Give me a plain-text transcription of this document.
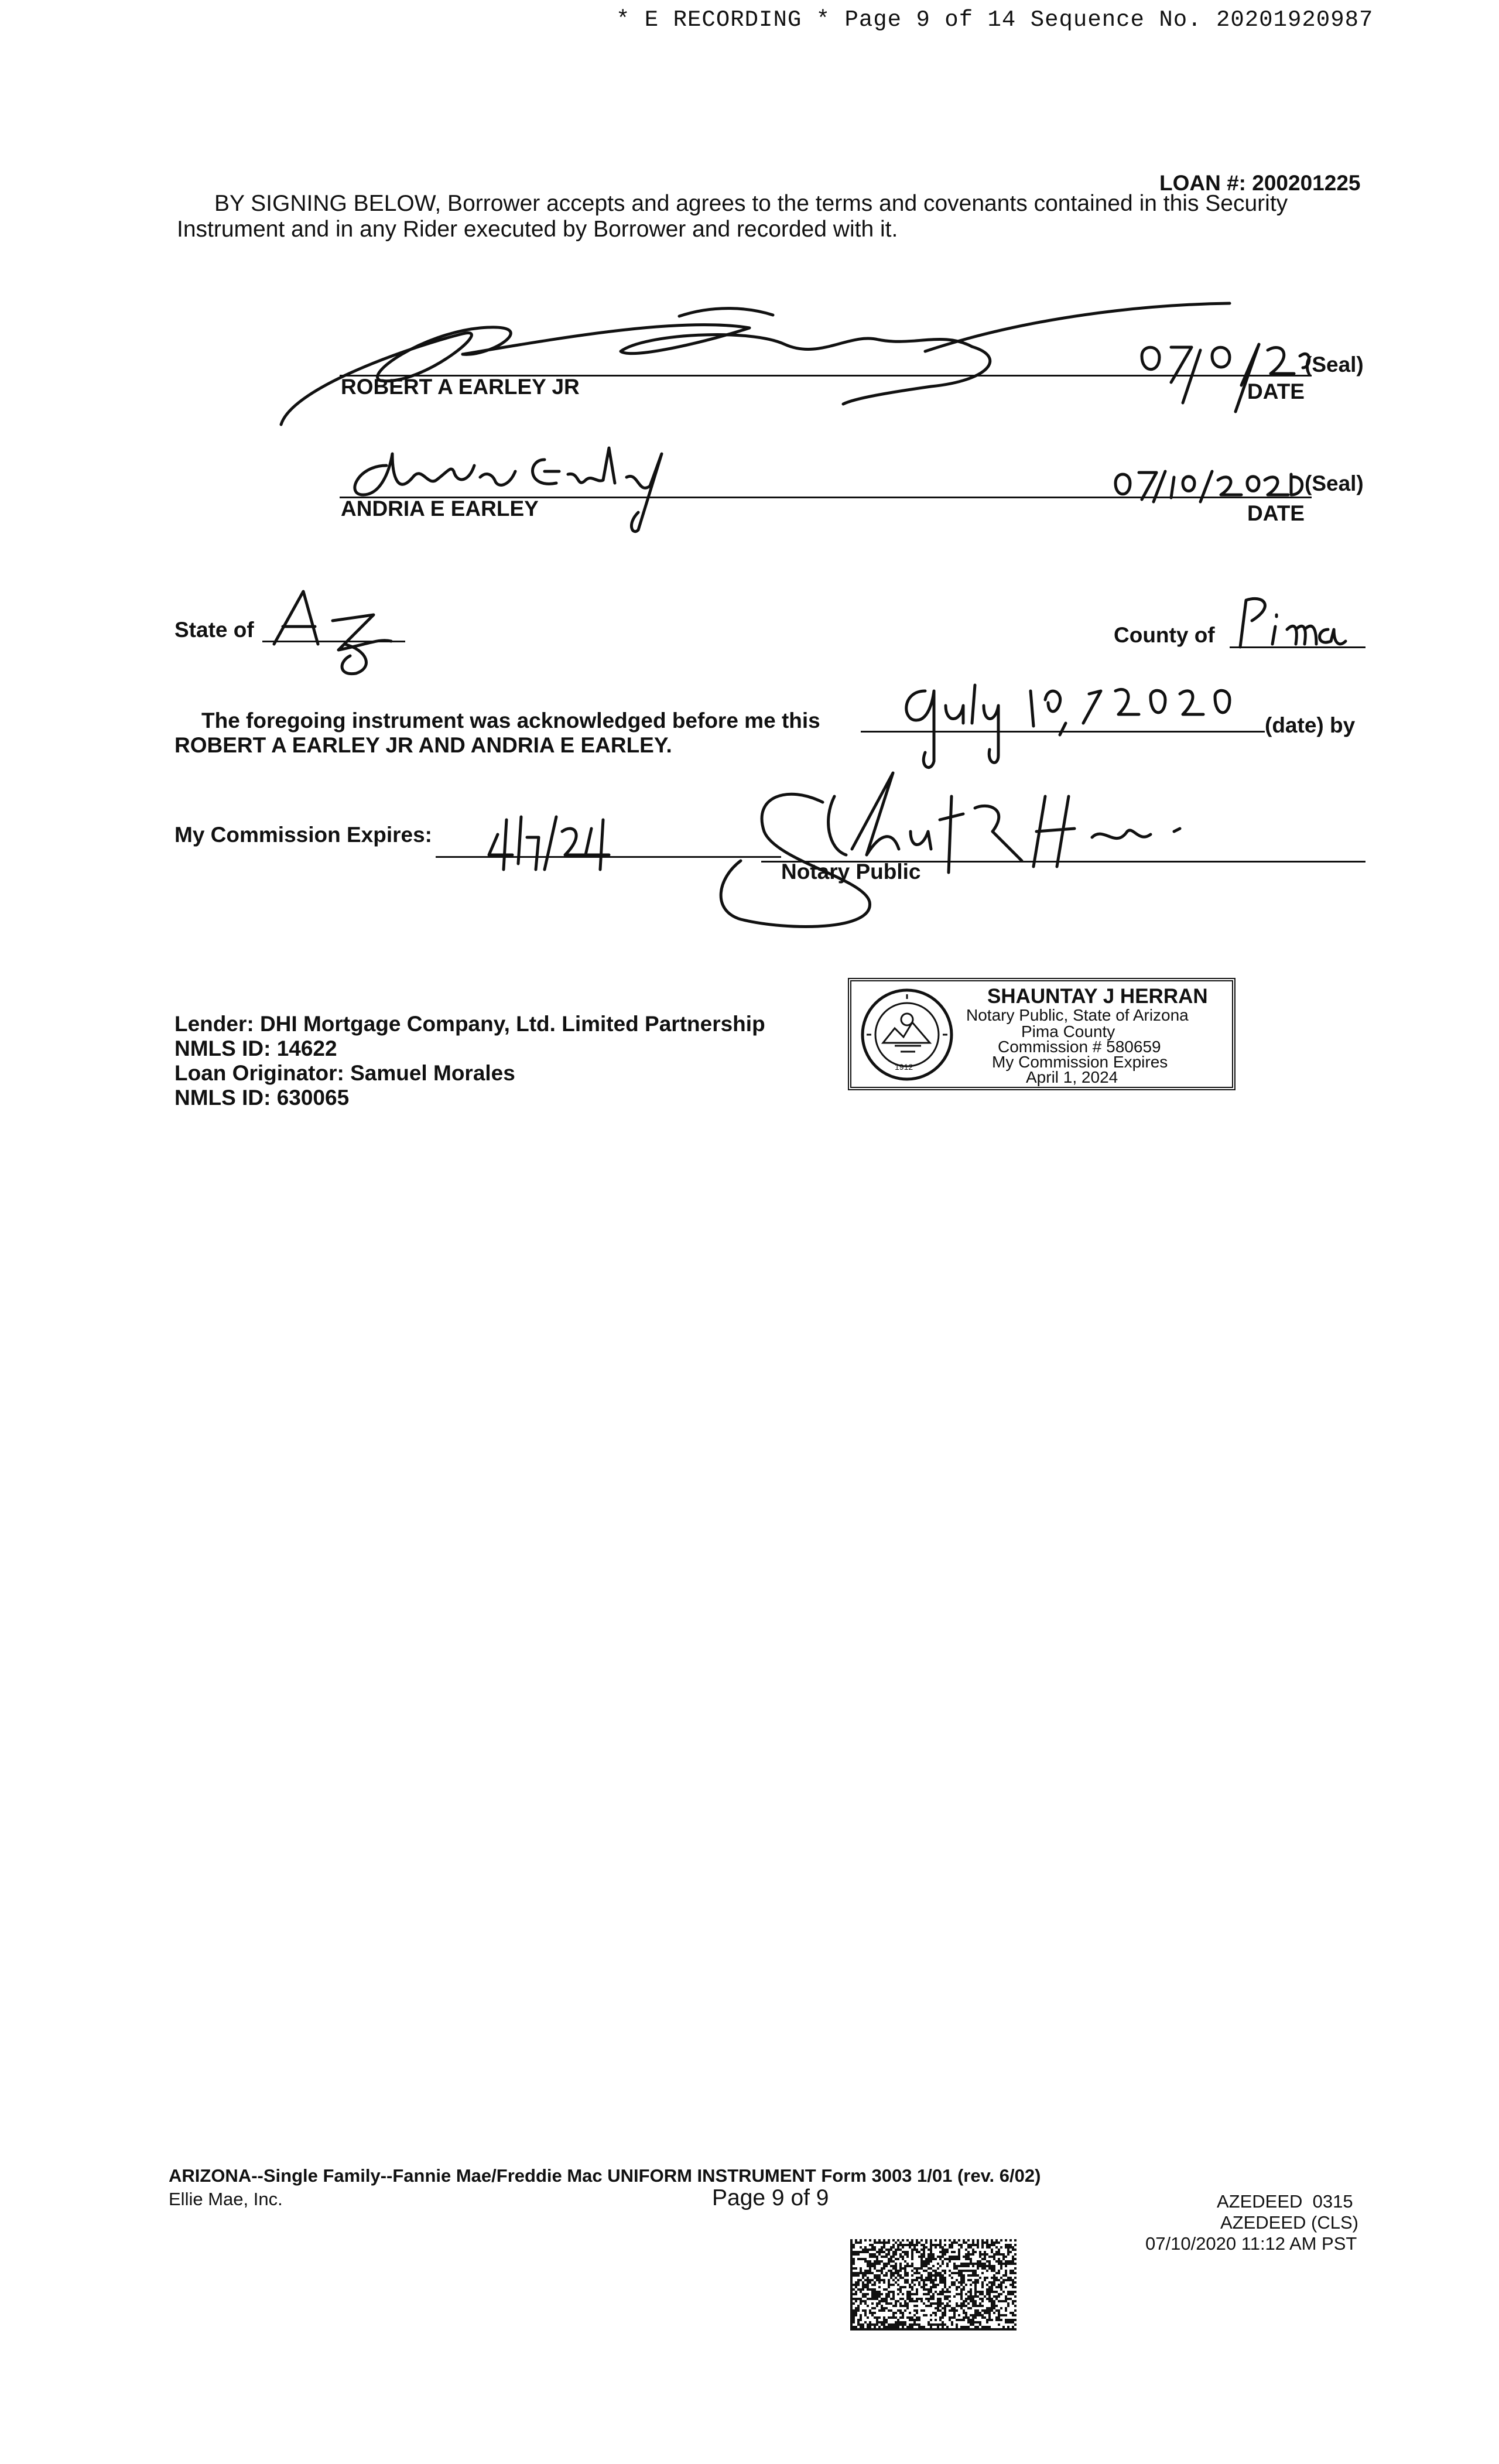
* E RECORDING * Page 9 of 14 Sequence No. 20201920987
LOAN #: 200201225
BY SIGNING BELOW, Borrower accepts and agrees to the terms and covenants contained in this Security
Instrument and in any Rider executed by Borrower and recorded with it.
ROBERT A EARLEY JR
(Seal)
DATE
ANDRIA E EARLEY
(Seal)
DATE
State of	County of
The foregoing instrument was acknowledged before me this	(date) by
ROBERT A EARLEY JR AND ANDRIA E EARLEY.
My Commission Expires:
Notary Public
1912
SHAUNTAY J HERRAN
Notary Public, State of Arizona
Pima County
Commission # 580659
My Commission Expires
April 1, 2024
Lender: DHI Mortgage Company, Ltd. Limited Partnership
NMLS ID: 14622
Loan Originator: Samuel Morales
NMLS ID: 630065
ARIZONA--Single Family--Fannie Mae/Freddie Mac UNIFORM INSTRUMENT Form 3003 1/01 (rev. 6/02)
Ellie Mae, Inc.	Page 9 of 9	AZEDEED  0315
AZEDEED (CLS)
07/10/2020 11:12 AM PST
